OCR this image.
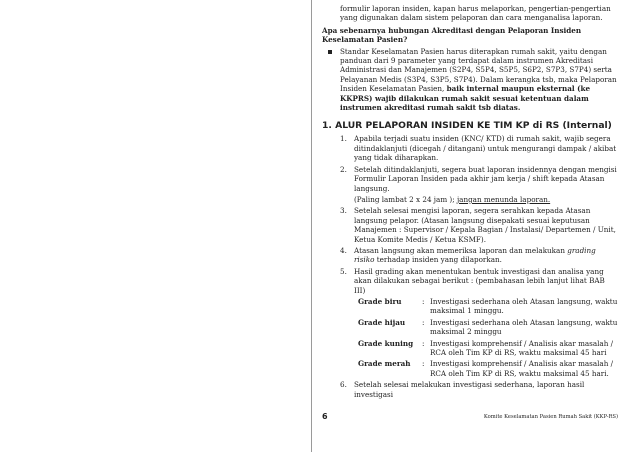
formulir laporan insiden, kapan harus melaporkan, pengertian-pengertian yang digunakan dalam sistem pelaporan dan cara menganalisa laporan.

Apa sebenarnya hubungan Akreditasi dengan Pelaporan Insiden Keselamatan Pasien?

Standar Keselamatan Pasien harus diterapkan rumah sakit, yaitu dengan panduan dari 9 parameter yang terdapat dalam instrumen Akreditasi Administrasi dan Manajemen (S2P4, S5P4, S5P5, S6P2, S7P3, S7P4) serta Pelayanan Medis (S3P4, S3P5, S7P4). Dalam kerangka tsb, maka Pelaporan Insiden Keselamatan Pasien, baik internal maupun eksternal (ke KKPRS) wajib dilakukan rumah sakit sesuai ketentuan dalam instrumen akreditasi rumah sakit tsb diatas.
1. ALUR PELAPORAN INSIDEN KE TIM KP di RS (Internal)
1. Apabila terjadi suatu insiden (KNC/ KTD) di rumah sakit, wajib segera ditindaklanjuti (dicegah / ditangani) untuk mengurangi dampak / akibat yang tidak diharapkan.
2. Setelah ditindaklanjuti, segera buat laporan insidennya dengan mengisi Formulir Laporan Insiden pada akhir jam kerja / shift kepada Atasan langsung.

(Paling lambat 2 x 24 jam ); jangan menunda laporan.

3. Setelah selesai mengisi laporan, segera serahkan kepada Atasan langsung pelapor. (Atasan langsung disepakati sesuai keputusan Manajemen : Supervisor / Kepala Bagian / Instalasi/ Departemen / Unit, Ketua Komite Medis / Ketua KSMF).
4. Atasan langsung akan memeriksa laporan dan melakukan grading risiko terhadap insiden yang dilaporkan.
5. Hasil grading akan menentukan bentuk investigasi dan analisa yang akan dilakukan sebagai berikut : (pembahasan lebih lanjut lihat BAB III)
Grade biru	: Investigasi sederhana oleh Atasan langsung, waktu maksimal 1 minggu.
Grade hijau	: Investigasi sederhana oleh Atasan langsung, waktu maksimal 2 minggu
Grade kuning	: Investigasi komprehensif / Analisis akar masalah / RCA oleh Tim KP di RS, waktu maksimal 45 hari
Grade merah	: Investigasi komprehensif / Analisis akar masalah / RCA oleh Tim KP di RS, waktu maksimal 45 hari.
6. Setelah selesai melakukan investigasi sederhana, laporan hasil investigasi
6	Komite Keselamatan Pasien Rumah Sakit (KKP-RS)
